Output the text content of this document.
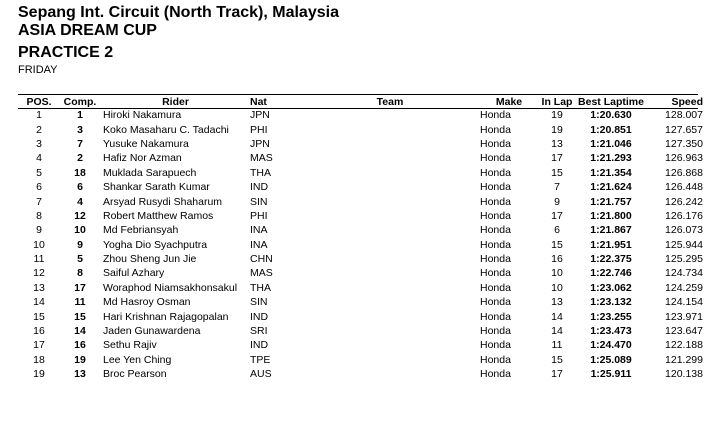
Sepang Int. Circuit (North Track), Malaysia
ASIA DREAM CUP
PRACTICE 2
FRIDAY
POS.	Comp.	Rider	Nat	Team	Make	In Lap	Best Laptime	Speed
1	1	Hiroki Nakamura	JPN		Honda	19	1:20.630	128.007
2	3	Koko Masaharu C. Tadachi	PHI		Honda	19	1:20.851	127.657
3	7	Yusuke Nakamura	JPN		Honda	13	1:21.046	127.350
4	2	Hafiz Nor Azman	MAS		Honda	17	1:21.293	126.963
5	18	Muklada Sarapuech	THA		Honda	15	1:21.354	126.868
6	6	Shankar Sarath Kumar	IND		Honda	7	1:21.624	126.448
7	4	Arsyad Rusydi Shaharum	SIN		Honda	9	1:21.757	126.242
8	12	Robert Matthew Ramos	PHI		Honda	17	1:21.800	126.176
9	10	Md Febriansyah	INA		Honda	6	1:21.867	126.073
10	9	Yogha Dio Syachputra	INA		Honda	15	1:21.951	125.944
11	5	Zhou Sheng Jun Jie	CHN		Honda	16	1:22.375	125.295
12	8	Saiful Azhary	MAS		Honda	10	1:22.746	124.734
13	17	Woraphod Niamsakhonsakul	THA		Honda	10	1:23.062	124.259
14	11	Md Hasroy Osman	SIN		Honda	13	1:23.132	124.154
15	15	Hari Krishnan Rajagopalan	IND		Honda	14	1:23.255	123.971
16	14	Jaden Gunawardena	SRI		Honda	14	1:23.473	123.647
17	16	Sethu Rajiv	IND		Honda	11	1:24.470	122.188
18	19	Lee Yen Ching	TPE		Honda	15	1:25.089	121.299
19	13	Broc Pearson	AUS		Honda	17	1:25.911	120.138
